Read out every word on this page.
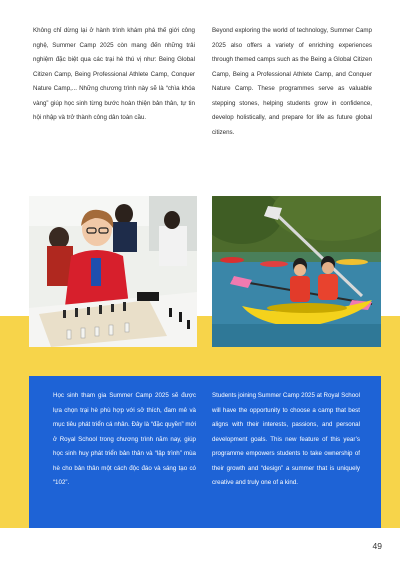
Không chỉ dừng lại ở hành trình khám phá thế giới công nghệ, Summer Camp 2025 còn mang đến những trải nghiệm đặc biệt qua các trại hè thú vị như: Being Global Citizen Camp, Being Professional Athlete Camp, Conquer Nature Camp,... Những chương trình này sẽ là “chìa khóa vàng” giúp học sinh từng bước hoàn thiện bản thân, tự tin hội nhập và trở thành công dân toàn cầu.

Beyond exploring the world of technology, Summer Camp 2025 also offers a variety of enriching experiences through themed camps such as the Being a Global Citizen Camp, Being a Professional Athlete Camp, and Conquer Nature Camp. These programmes serve as valuable stepping stones, helping students grow in confidence, develop holistically, and prepare for life as future global citizens.

Học sinh tham gia Summer Camp 2025 sẽ được lựa chọn trại hè phù hợp với sở thích, đam mê và mục tiêu phát triển cá nhân. Đây là “đặc quyền” mới ở Royal School trong chương trình năm nay, giúp học sinh huy phát triển bản thân và “lập trình” mùa hè cho bản thân một cách độc đáo và sáng tạo có “102”.

Students joining Summer Camp 2025 at Royal School will have the opportunity to choose a camp that best aligns with their interests, passions, and personal development goals. This new feature of this year’s programme empowers students to take ownership of their growth and “design” a summer that is uniquely creative and truly one of a kind.

49
